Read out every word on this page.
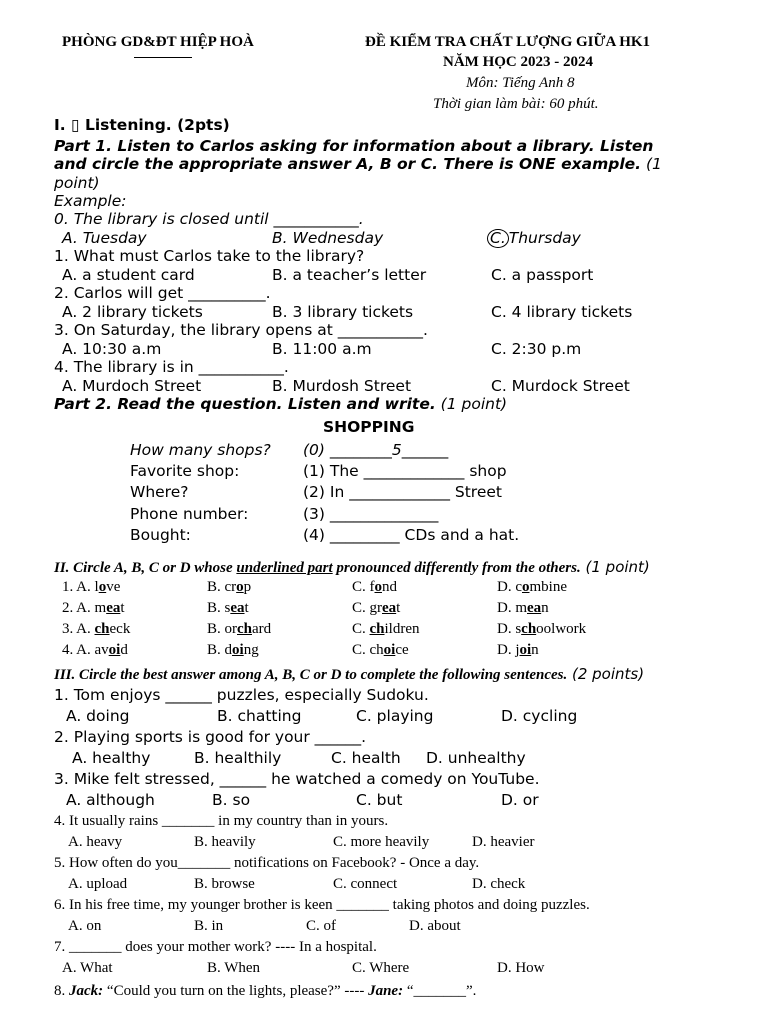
PHÒNG GD&ĐT HIỆP HOÀ	ĐỀ KIỂM TRA CHẤT LƯỢNG GIỮA HK1
NĂM HỌC 2023 - 2024
Môn: Tiếng Anh 8
Thời gian làm bài: 60 phút.
I. ▯ Listening. (2pts)
Part 1. Listen to Carlos asking for information about a library. Listen
and circle the appropriate answer A, B or C. There is ONE example. (1
point)
Example:
0. The library is closed until ___________.
A. Tuesday	B. Wednesday	C. Thursday
1. What must Carlos take to the library?
A. a student card	B. a teacher’s letter	C. a passport
2. Carlos will get __________.
A. 2 library tickets	B. 3 library tickets	C. 4 library tickets
3. On Saturday, the library opens at ___________.
A. 10:30 a.m	B. 11:00 a.m	C. 2:30 p.m
4. The library is in ___________.
A. Murdoch Street	B. Murdosh Street	C. Murdock Street
Part 2. Read the question. Listen and write. (1 point)
SHOPPING
How many shops? (0) ________5______
Favorite shop:	(1) The _____________ shop
Where?	(2) In _____________ Street
Phone number:	(3) ______________
Bought:	(4) _________ CDs and a hat.
II. Circle A, B, C or D whose underlined part pronounced differently from the others. (1 point)
1. A. love	B. crop	C. fond	D. combine
2. A. meat	B. seat	C. great	D. mean
3. A. check	B. orchard	C. children	D. schoolwork
4. A. avoid	B. doing	C. choice	D. join
III. Circle the best answer among A, B, C or D to complete the following sentences. (2 points)
1. Tom enjoys ______ puzzles, especially Sudoku.
A. doing	B. chatting	C. playing	D. cycling
2. Playing sports is good for your ______.
A. healthy	B. healthily	C. health D. unhealthy
3. Mike felt stressed, ______ he watched a comedy on YouTube.
A. although	B. so	C. but	D. or
4. It usually rains _______ in my country than in yours.
A. heavy	B. heavily	C. more heavily	D. heavier
5. How often do you_______ notifications on Facebook? - Once a day.
A. upload	B. browse	C. connect	D. check
6. In his free time, my younger brother is keen _______ taking photos and doing puzzles.
A. on	B. in	C. of	D. about
7. _______ does your mother work? ---- In a hospital.
A. What	B. When	C. Where	D. How
8. Jack: “Could you turn on the lights, please?” ---- Jane: “_______”.
